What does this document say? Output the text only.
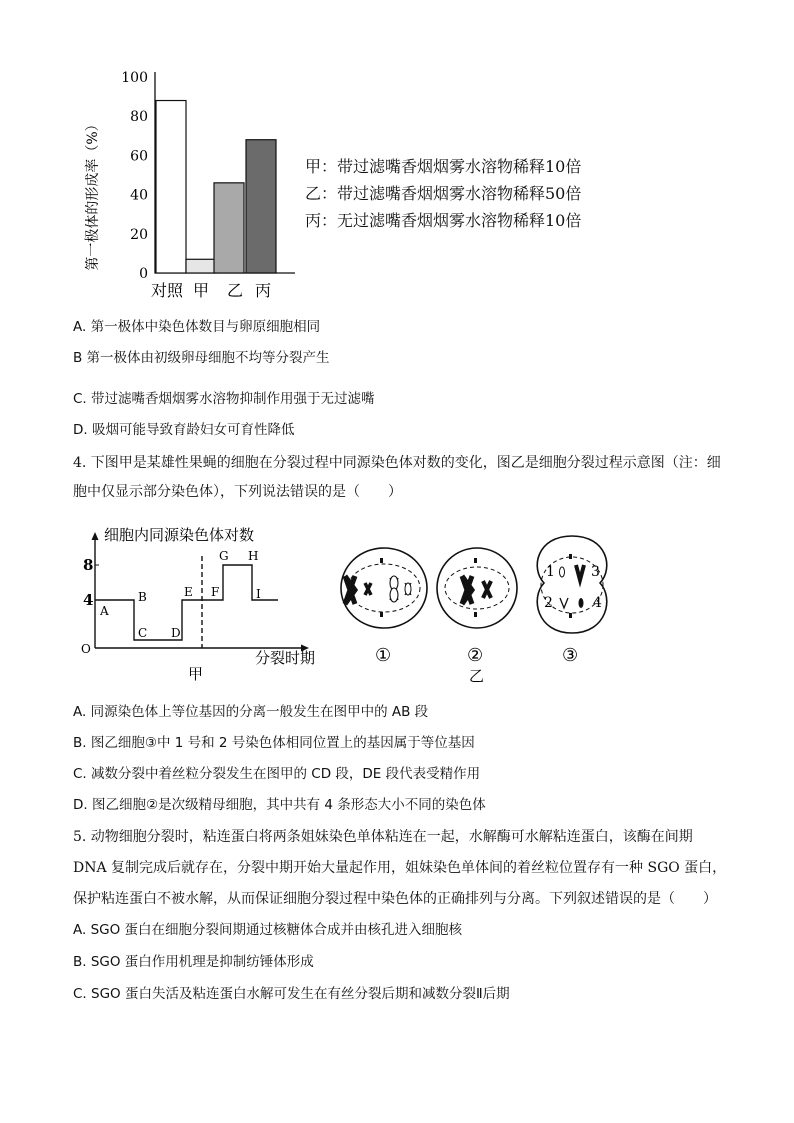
第一极体的形成率（%）
100
80
60
40
20
0
对照 甲 乙 丙
甲：带过滤嘴香烟烟雾水溶物稀释10倍
乙：带过滤嘴香烟烟雾水溶物稀释50倍
丙：无过滤嘴香烟烟雾水溶物稀释10倍
A. 第一极体中染色体数目与卵原细胞相同
B 第一极体由初级卵母细胞不均等分裂产生
C. 带过滤嘴香烟烟雾水溶物抑制作用强于无过滤嘴
D. 吸烟可能导致育龄妇女可育性降低
4. 下图甲是某雄性果蝇的细胞在分裂过程中同源染色体对数的变化，图乙是细胞分裂过程示意图（注：细
胞中仅显示部分染色体），下列说法错误的是（　　）
细胞内同源染色体对数
分裂时期
O
8
4
A
B
C D
E F
G H
I
甲
①	②
乙
1	3
2	4
③
A. 同源染色体上等位基因的分离一般发生在图甲中的 AB 段
B. 图乙细胞③中 1 号和 2 号染色体相同位置上的基因属于等位基因
C. 减数分裂中着丝粒分裂发生在图甲的 CD 段，DE 段代表受精作用
D. 图乙细胞②是次级精母细胞，其中共有 4 条形态大小不同的染色体
5. 动物细胞分裂时，粘连蛋白将两条姐妹染色单体粘连在一起，水解酶可水解粘连蛋白，该酶在间期
DNA 复制完成后就存在，分裂中期开始大量起作用，姐妹染色单体间的着丝粒位置存有一种 SGO 蛋白，
保护粘连蛋白不被水解，从而保证细胞分裂过程中染色体的正确排列与分离。下列叙述错误的是（　　）
A. SGO 蛋白在细胞分裂间期通过核糖体合成并由核孔进入细胞核
B. SGO 蛋白作用机理是抑制纺锤体形成
C. SGO 蛋白失活及粘连蛋白水解可发生在有丝分裂后期和减数分裂Ⅱ后期
